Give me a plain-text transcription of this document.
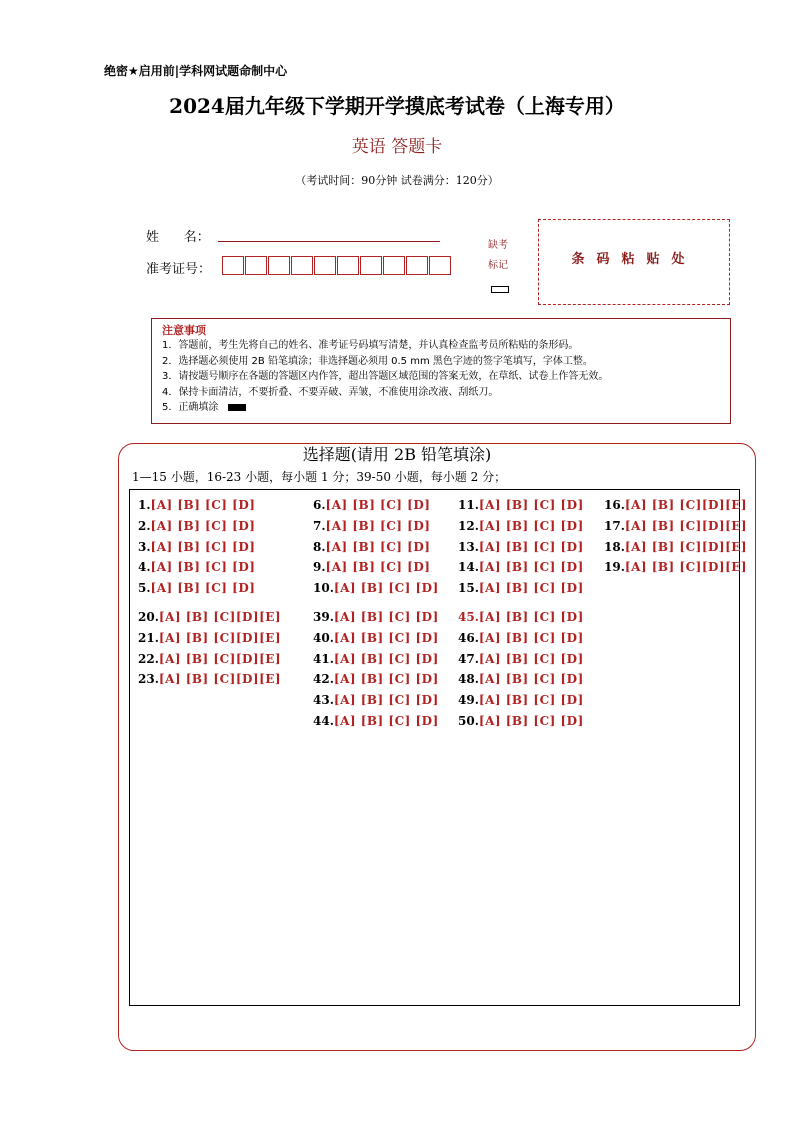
绝密★启用前|学科网试题命制中心
2024届九年级下学期开学摸底考试卷（上海专用）
英语 答题卡
（考试时间：90分钟 试卷满分：120分）
姓      名：
准考证号：
缺考
标记	条码粘贴处
注意事项
1．答题前，考生先将自己的姓名、准考证号码填写清楚，并认真检查监考员所粘贴的条形码。
2．选择题必须使用 2B 铅笔填涂；非选择题必须用 0.5 mm 黑色字迹的签字笔填写，字体工整。
3．请按题号顺序在各题的答题区内作答，超出答题区域范围的答案无效，在草纸、试卷上作答无效。
4．保持卡面清洁，不要折叠、不要弄破、弄皱，不准使用涂改液、刮纸刀。
5．正确填涂
选择题(请用 2B 铅笔填涂)
1—15 小题，16-23 小题，每小题 1 分；39-50 小题，每小题 2 分；
1.[A] [B] [C] [D]
2.[A] [B] [C] [D]
3.[A] [B] [C] [D]
4.[A] [B] [C] [D]
5.[A] [B] [C] [D]
6.[A] [B] [C] [D]
7.[A] [B] [C] [D]
8.[A] [B] [C] [D]
9.[A] [B] [C] [D]
10.[A] [B] [C] [D]
11.[A] [B] [C] [D]
12.[A] [B] [C] [D]
13.[A] [B] [C] [D]
14.[A] [B] [C] [D]
15.[A] [B] [C] [D]
16.[A] [B] [C][D][E]
17.[A] [B] [C][D][E]
18.[A] [B] [C][D][E]
19.[A] [B] [C][D][E]
20.[A] [B] [C][D][E]
21.[A] [B] [C][D][E]
22.[A] [B] [C][D][E]
23.[A] [B] [C][D][E]
39.[A] [B] [C] [D]
40.[A] [B] [C] [D]
41.[A] [B] [C] [D]
42.[A] [B] [C] [D]
43.[A] [B] [C] [D]
44.[A] [B] [C] [D]
45.[A] [B] [C] [D]
46.[A] [B] [C] [D]
47.[A] [B] [C] [D]
48.[A] [B] [C] [D]
49.[A] [B] [C] [D]
50.[A] [B] [C] [D]
